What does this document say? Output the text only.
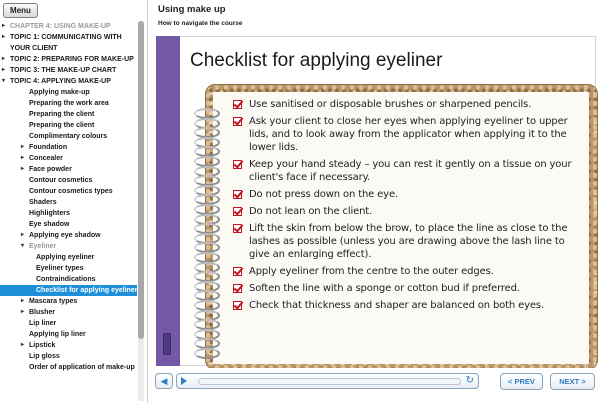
Menu
▸ CHAPTER 4: USING MAKE-UP
▸ TOPIC 1: COMMUNICATING WITH YOUR CLIENT
▸ TOPIC 2: PREPARING FOR MAKE-UP
▸ TOPIC 3: THE MAKE-UP CHART
▾ TOPIC 4: APPLYING MAKE-UP
Applying make-up
Preparing the work area
Preparing the client
Preparing the client
Complimentary colours
▸ Foundation
▸ Concealer
▸ Face powder
Contour cosmetics
Contour cosmetics types
Shaders
Highlighters
Eye shadow
▸ Applying eye shadow
▾ Eyeliner
Applying eyeliner
Eyeliner types
Contraindications
Checklist for applying eyeliner
▸ Mascara types
▸ Blusher
Lip liner
Applying lip liner
▸ Lipstick
Lip gloss
Order of application of make-up
Using make up
How to navigate the course
Checklist for applying eyeliner
Use sanitised or disposable brushes or sharpened pencils.
Ask your client to close her eyes when applying eyeliner to upper lids, and to look away from the applicator when applying it to the lower lids.
Keep your hand steady – you can rest it gently on a tissue on your client's face if necessary.
Do not press down on the eye.
Do not lean on the client.
Lift the skin from below the brow, to place the line as close to the lashes as possible (unless you are drawing above the lash line to give an enlarging effect).
Apply eyeliner from the centre to the outer edges.
Soften the line with a sponge or cotton bud if preferred.
Check that thickness and shaper are balanced on both eyes.
◀	↻	< PREV	NEXT >
